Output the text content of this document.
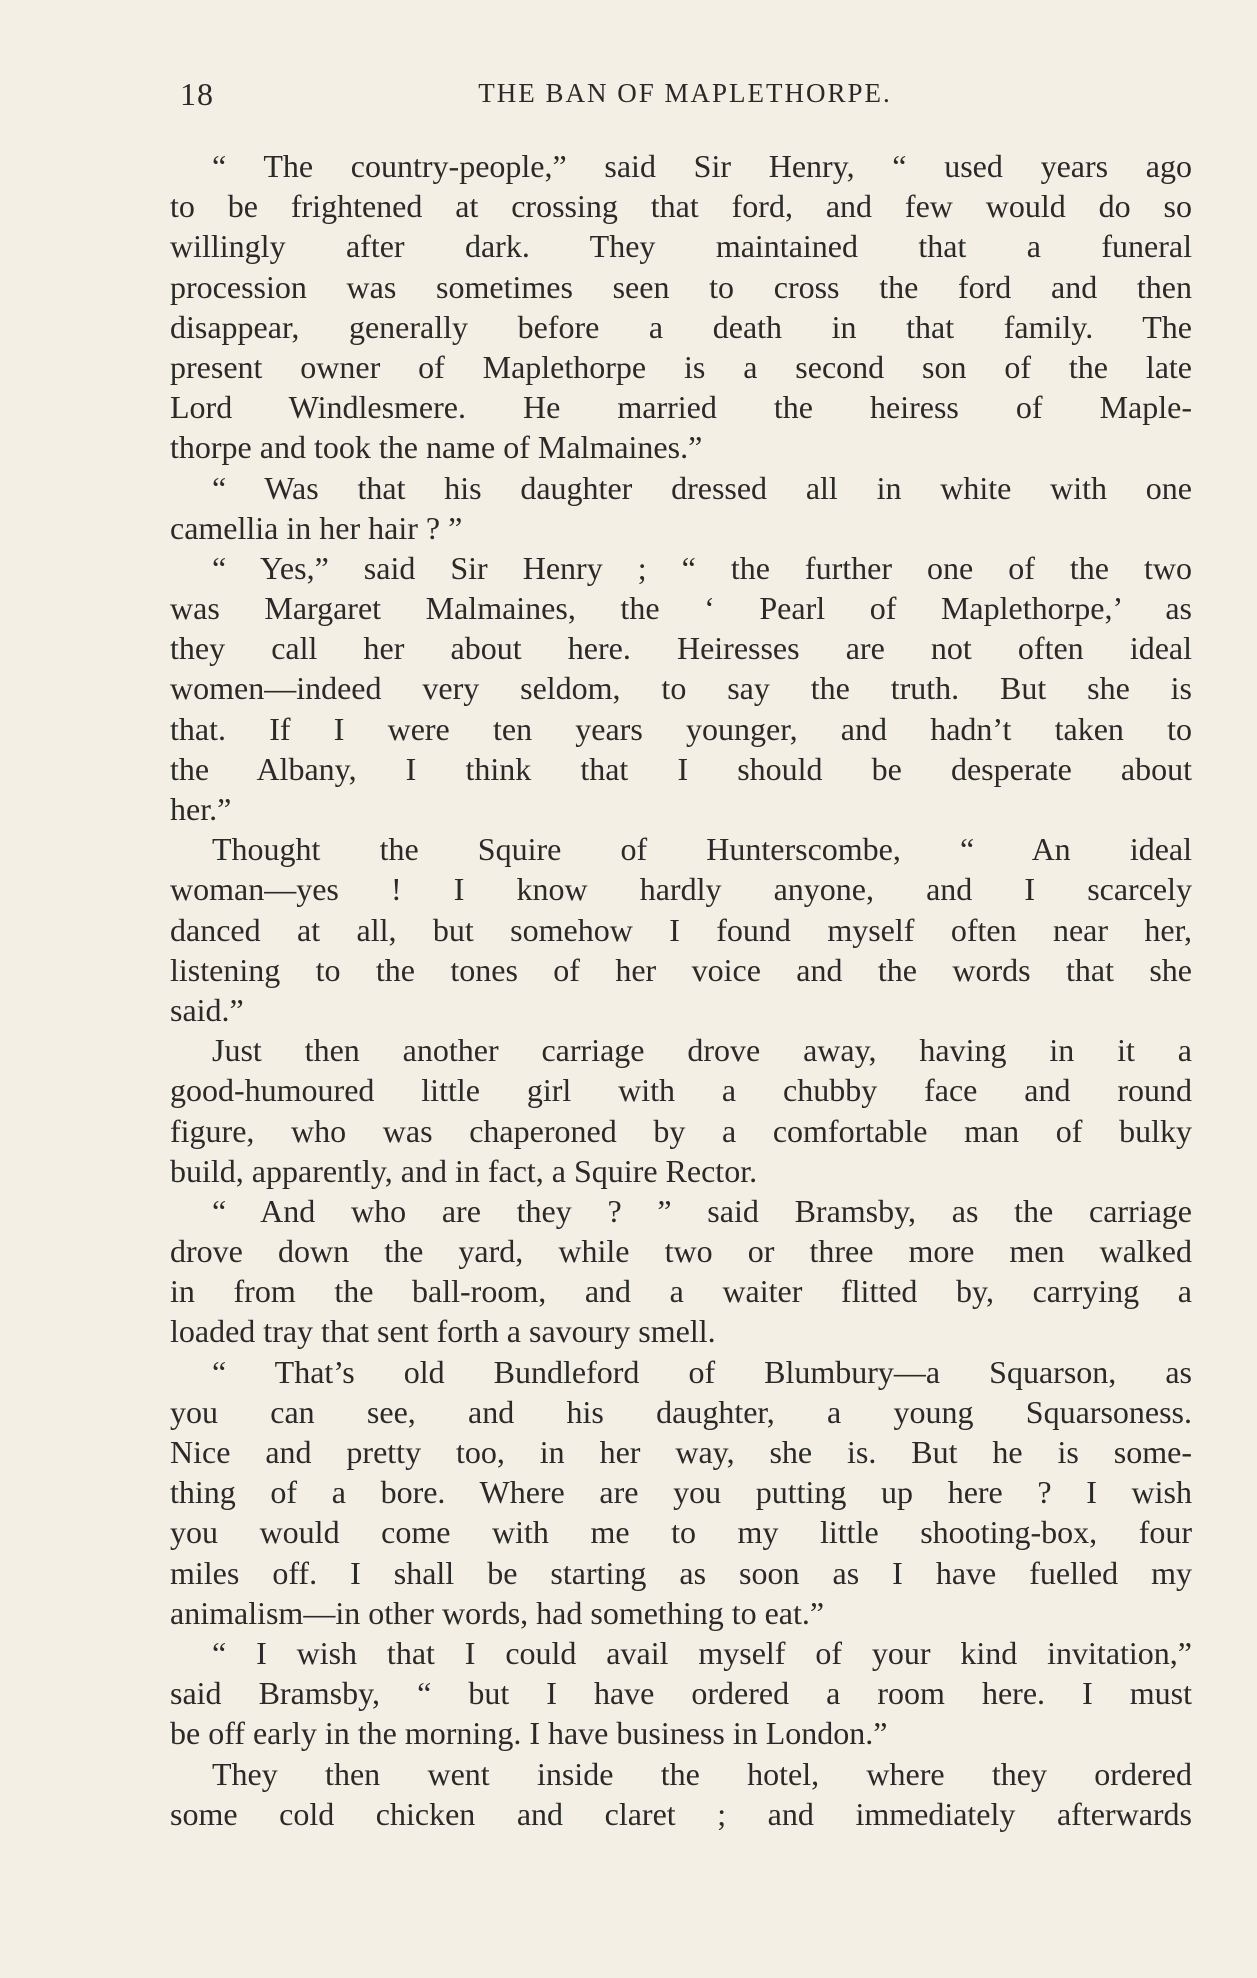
18	THE BAN OF MAPLETHORPE.
“ The country-people,” said Sir Henry, “ used years ago
to be frightened at crossing that ford, and few would do so
willingly after dark. They maintained that a funeral
procession was sometimes seen to cross the ford and then
disappear, generally before a death in that family. The
present owner of Maplethorpe is a second son of the late
Lord Windlesmere. He married the heiress of Maple-
thorpe and took the name of Malmaines.”
“ Was that his daughter dressed all in white with one
camellia in her hair ? ”
“ Yes,” said Sir Henry ; “ the further one of the two
was Margaret Malmaines, the ‘ Pearl of Maplethorpe,’ as
they call her about here. Heiresses are not often ideal
women—indeed very seldom, to say the truth. But she is
that. If I were ten years younger, and hadn’t taken to
the Albany, I think that I should be desperate about
her.”
Thought the Squire of Hunterscombe, “ An ideal
woman—yes ! I know hardly anyone, and I scarcely
danced at all, but somehow I found myself often near her,
listening to the tones of her voice and the words that she
said.”
Just then another carriage drove away, having in it a
good-humoured little girl with a chubby face and round
figure, who was chaperoned by a comfortable man of bulky
build, apparently, and in fact, a Squire Rector.
“ And who are they ? ” said Bramsby, as the carriage
drove down the yard, while two or three more men walked
in from the ball-room, and a waiter flitted by, carrying a
loaded tray that sent forth a savoury smell.
“ That’s old Bundleford of Blumbury—a Squarson, as
you can see, and his daughter, a young Squarsoness.
Nice and pretty too, in her way, she is. But he is some-
thing of a bore. Where are you putting up here ? I wish
you would come with me to my little shooting-box, four
miles off. I shall be starting as soon as I have fuelled my
animalism—in other words, had something to eat.”
“ I wish that I could avail myself of your kind invitation,”
said Bramsby, “ but I have ordered a room here. I must
be off early in the morning. I have business in London.”
They then went inside the hotel, where they ordered
some cold chicken and claret ; and immediately afterwards
